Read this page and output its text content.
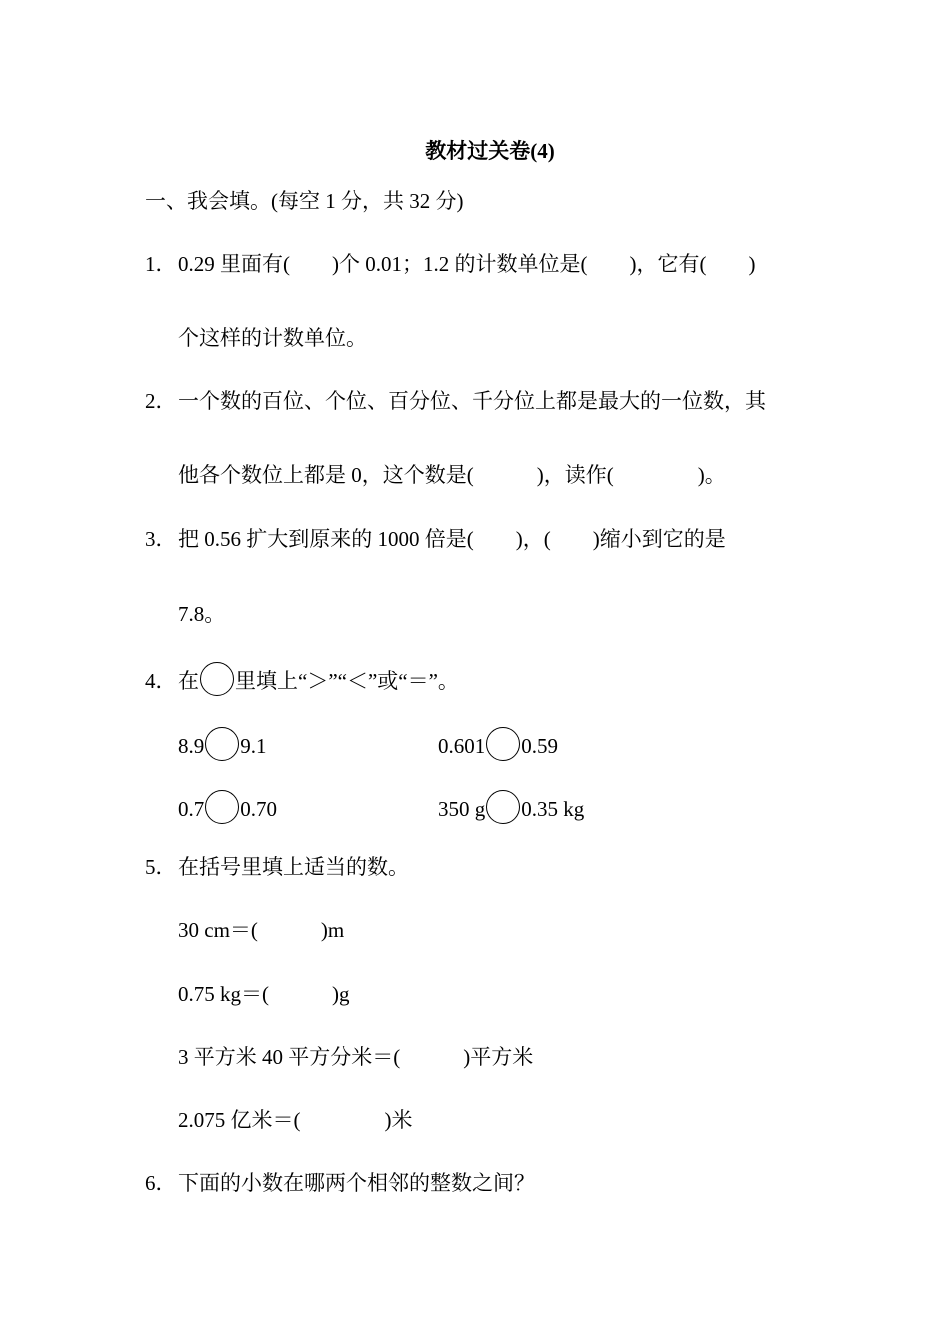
教材过关卷(4)
一、我会填。(每空 1 分，共 32 分)
1．0.29 里面有(        )个 0.01；1.2 的计数单位是(        )，它有(        )
个这样的计数单位。
2．一个数的百位、个位、百分位、千分位上都是最大的一位数，其
他各个数位上都是 0，这个数是(            )，读作(                )。
3．把 0.56 扩大到原来的 1000 倍是(        )，(        )缩小到它的是
7.8。
4．在 里填上“＞”“＜”或“＝”。
8.9 9.1	0.601 0.59
0.7 0.70	350 g 0.35 kg
5．在括号里填上适当的数。
30 cm＝(            )m
0.75 kg＝(            )g
3 平方米 40 平方分米＝(            )平方米
2.075 亿米＝(                )米
6．下面的小数在哪两个相邻的整数之间？
